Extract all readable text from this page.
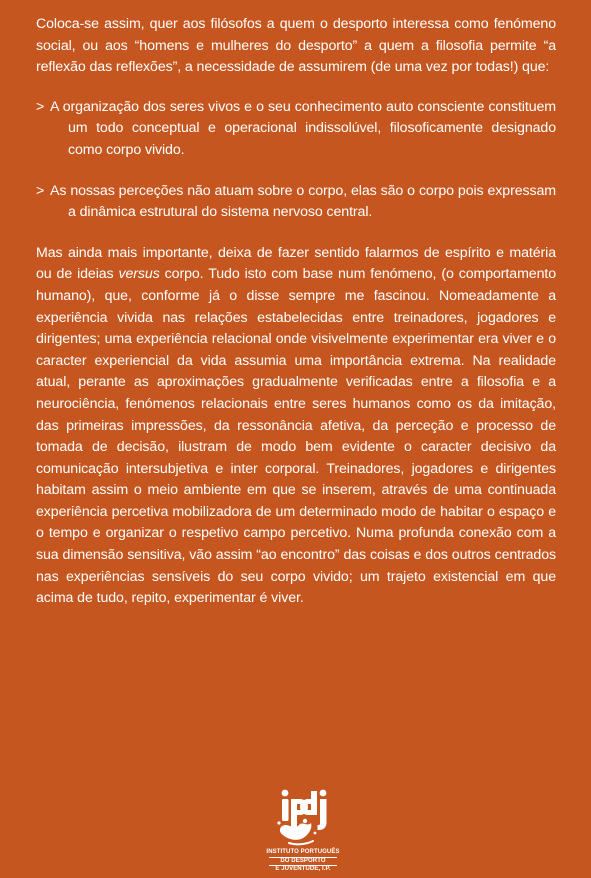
Coloca-se assim, quer aos filósofos a quem o desporto interessa como fenómeno social, ou aos “homens e mulheres do desporto” a quem a filosofia permite “a reflexão das reflexões”, a necessidade de assumirem (de uma vez por todas!) que:

> A organização dos seres vivos e o seu conhecimento auto consciente constituem um todo conceptual e operacional indissolúvel, filosoficamente designado como corpo vivido.

> As nossas perceções não atuam sobre o corpo, elas são o corpo pois expressam a dinâmica estrutural do sistema nervoso central.

Mas ainda mais importante, deixa de fazer sentido falarmos de espírito e matéria ou de ideias versus corpo. Tudo isto com base num fenómeno, (o comportamento humano), que, conforme já o disse sempre me fascinou. Nomeadamente a experiência vivida nas relações estabelecidas entre treinadores, jogadores e dirigentes; uma experiência relacional onde visivelmente experimentar era viver e o caracter experiencial da vida assumia uma importância extrema. Na realidade atual, perante as aproximações gradualmente verificadas entre a filosofia e a neurociência, fenómenos relacionais entre seres humanos como os da imitação, das primeiras impressões, da ressonância afetiva, da perceção e processo de tomada de decisão, ilustram de modo bem evidente o caracter decisivo da comunicação intersubjetiva e inter corporal. Treinadores, jogadores e dirigentes habitam assim o meio ambiente em que se inserem, através de uma continuada experiência percetiva mobilizadora de um determinado modo de habitar o espaço e o tempo e organizar o respetivo campo percetivo. Numa profunda conexão com a sua dimensão sensitiva, vão assim “ao encontro” das coisas e dos outros centrados nas experiências sensíveis do seu corpo vivido; um trajeto existencial em que acima de tudo, repito, experimentar é viver.

INSTITUTO PORTUGUÊS
DO DESPORTO
E JUVENTUDE, I.P.
